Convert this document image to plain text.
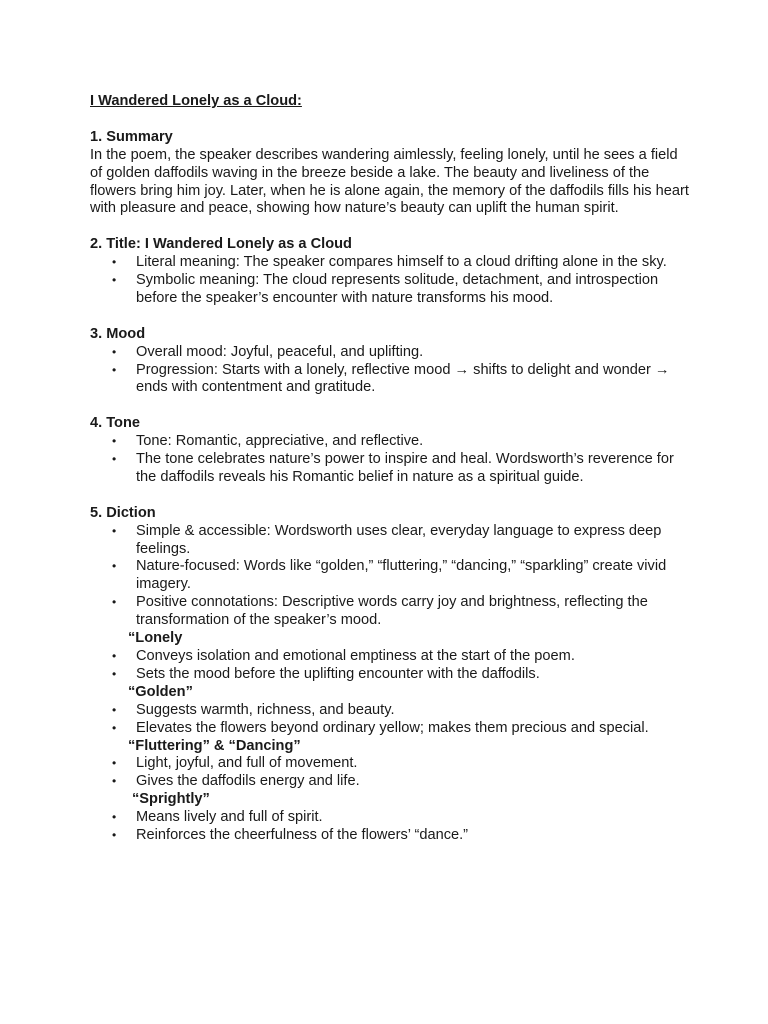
I Wandered Lonely as a Cloud:

1. Summary

In the poem, the speaker describes wandering aimlessly, feeling lonely, until he sees a field of golden daffodils waving in the breeze beside a lake. The beauty and liveliness of the flowers bring him joy. Later, when he is alone again, the memory of the daffodils fills his heart with pleasure and peace, showing how nature’s beauty can uplift the human spirit.

2. Title: I Wandered Lonely as a Cloud

• Literal meaning: The speaker compares himself to a cloud drifting alone in the sky.
• Symbolic meaning: The cloud represents solitude, detachment, and introspection before the speaker’s encounter with nature transforms his mood.

3. Mood

• Overall mood: Joyful, peaceful, and uplifting.
• Progression: Starts with a lonely, reflective mood → shifts to delight and wonder → ends with contentment and gratitude.

4. Tone

• Tone: Romantic, appreciative, and reflective.
• The tone celebrates nature’s power to inspire and heal. Wordsworth’s reverence for the daffodils reveals his Romantic belief in nature as a spiritual guide.

5. Diction

• Simple & accessible: Wordsworth uses clear, everyday language to express deep feelings.
• Nature-focused: Words like “golden,” “fluttering,” “dancing,” “sparkling” create vivid imagery.
• Positive connotations: Descriptive words carry joy and brightness, reflecting the transformation of the speaker’s mood.

“Lonely

• Conveys isolation and emotional emptiness at the start of the poem.
• Sets the mood before the uplifting encounter with the daffodils.

“Golden”

• Suggests warmth, richness, and beauty.
• Elevates the flowers beyond ordinary yellow; makes them precious and special.

“Fluttering” & “Dancing”

• Light, joyful, and full of movement.
• Gives the daffodils energy and life.

“Sprightly”

• Means lively and full of spirit.
• Reinforces the cheerfulness of the flowers’ “dance.”
